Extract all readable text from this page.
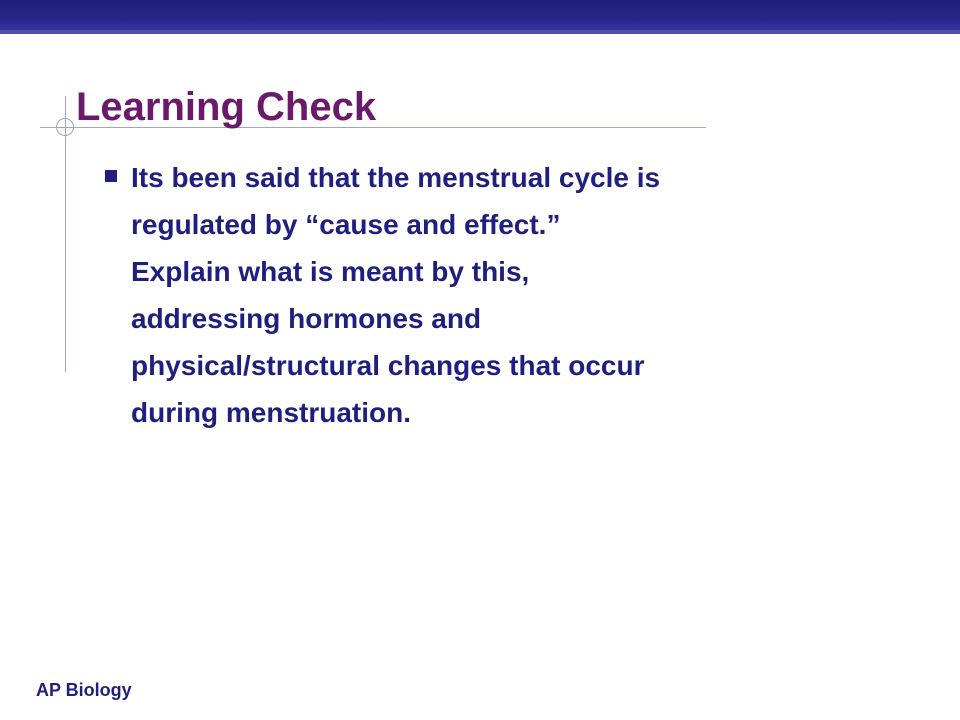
Learning Check

Its been said that the menstrual cycle is
regulated by “cause and effect.”
Explain what is meant by this,
addressing hormones and
physical/structural changes that occur
during menstruation.

AP Biology
